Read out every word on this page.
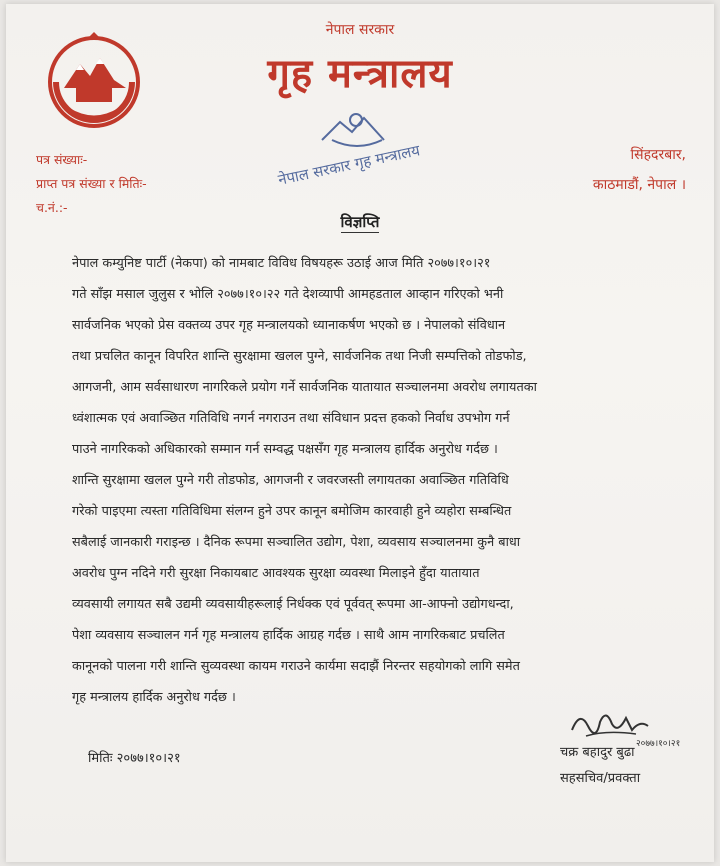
नेपाल सरकार गृह मन्त्रालय
२०७७।१०।२१
नेपाल सरकार
गृह मन्त्रालय
पत्र संख्याः-
प्राप्त पत्र संख्या र मितिः-
च.नं.:-
सिंहदरबार,
काठमाडौं, नेपाल ।
विज्ञप्ति
नेपाल कम्युनिष्ट पार्टी (नेकपा) को नामबाट विविध विषयहरू उठाई आज मिति २०७७।१०।२१
गते साँझ मसाल जुलुस र भोलि २०७७।१०।२२ गते देशव्यापी आमहडताल आव्हान गरिएको भनी
सार्वजनिक भएको प्रेस वक्तव्य उपर गृह मन्त्रालयको ध्यानाकर्षण भएको छ । नेपालको संविधान
तथा प्रचलित कानून विपरित शान्ति सुरक्षामा खलल पुग्ने, सार्वजनिक तथा निजी सम्पत्तिको तोडफोड,
आगजनी, आम सर्वसाधारण नागरिकले प्रयोग गर्ने सार्वजनिक यातायात सञ्चालनमा अवरोध लगायतका
ध्वंशात्मक एवं अवाञ्छित गतिविधि नगर्न नगराउन तथा संविधान प्रदत्त हकको निर्वाध उपभोग गर्न
पाउने नागरिकको अधिकारको सम्मान गर्न सम्वद्ध पक्षसँग गृह मन्त्रालय हार्दिक अनुरोध गर्दछ ।
शान्ति सुरक्षामा खलल पुग्ने गरी तोडफोड, आगजनी र जवरजस्ती लगायतका अवाञ्छित गतिविधि
गरेको पाइएमा त्यस्ता गतिविधिमा संलग्न हुने उपर कानून बमोजिम कारवाही हुने व्यहोरा सम्बन्धित
सबैलाई जानकारी गराइन्छ । दैनिक रूपमा सञ्चालित उद्योग, पेशा, व्यवसाय सञ्चालनमा कुनै बाधा
अवरोध पुग्न नदिने गरी सुरक्षा निकायबाट आवश्यक सुरक्षा व्यवस्था मिलाइने हुँदा यातायात
व्यवसायी लगायत सबै उद्यमी व्यवसायीहरूलाई निर्धक्क एवं पूर्ववत् रूपमा आ-आफ्नो उद्योगधन्दा,
पेशा व्यवसाय सञ्चालन गर्न गृह मन्त्रालय हार्दिक आग्रह गर्दछ । साथै आम नागरिकबाट प्रचलित
कानूनको पालना गरी शान्ति सुव्यवस्था कायम गराउने कार्यमा सदाझैं निरन्तर सहयोगको लागि समेत
गृह मन्त्रालय हार्दिक अनुरोध गर्दछ ।
मितिः २०७७।१०।२१	चक्र बहादुर बुढा
सहसचिव/प्रवक्ता
